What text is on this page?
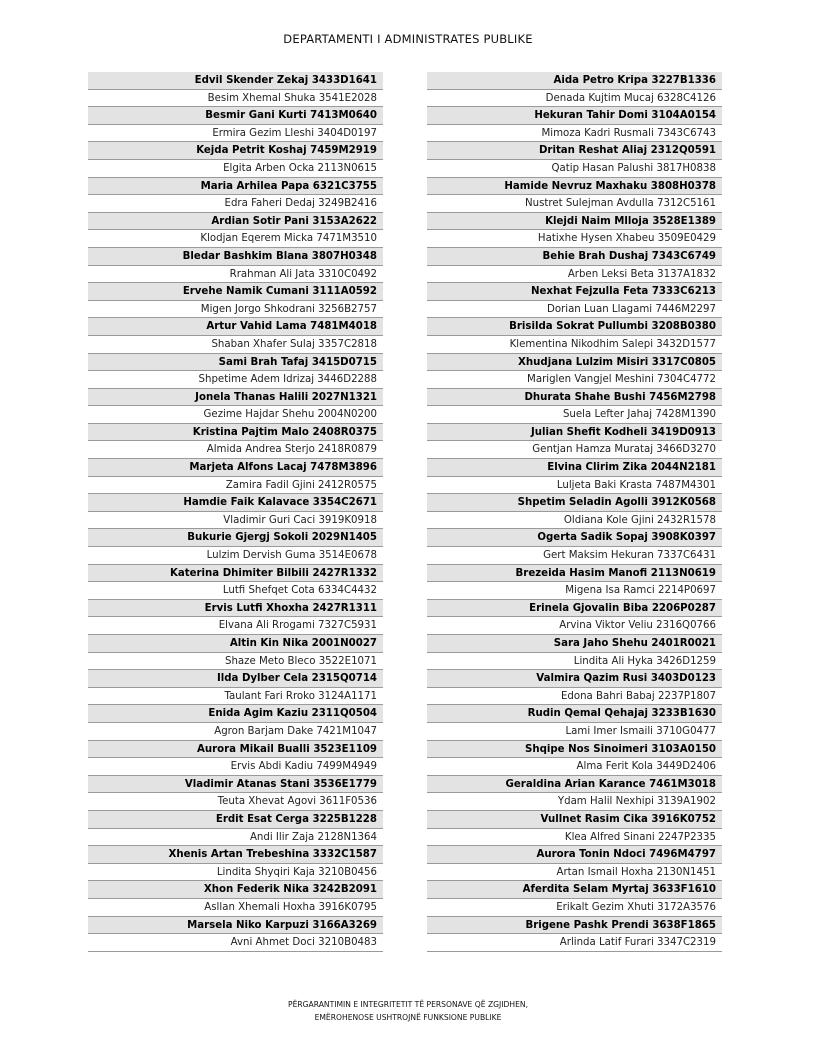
DEPARTAMENTI I ADMINISTRATES PUBLIKE
Edvil Skender Zekaj 3433D1641
Besim Xhemal Shuka 3541E2028
Besmir Gani Kurti 7413M0640
Ermira Gezim Lleshi 3404D0197
Kejda Petrit Koshaj 7459M2919
Elgita Arben Ocka 2113N0615
Maria Arhilea Papa 6321C3755
Edra Faheri Dedaj 3249B2416
Ardian Sotir Pani 3153A2622
Klodjan Eqerem Micka 7471M3510
Bledar Bashkim Blana 3807H0348
Rrahman Ali Jata 3310C0492
Ervehe Namik Cumani 3111A0592
Migen Jorgo Shkodrani 3256B2757
Artur Vahid Lama 7481M4018
Shaban Xhafer Sulaj 3357C2818
Sami Brah Tafaj 3415D0715
Shpetime Adem Idrizaj 3446D2288
Jonela Thanas Halili 2027N1321
Gezime Hajdar Shehu 2004N0200
Kristina Pajtim Malo 2408R0375
Almida Andrea Sterjo 2418R0879
Marjeta Alfons Lacaj 7478M3896
Zamira Fadil Gjini 2412R0575
Hamdie Faik Kalavace 3354C2671
Vladimir Guri Caci 3919K0918
Bukurie Gjergj Sokoli 2029N1405
Lulzim Dervish Guma 3514E0678
Katerina Dhimiter Bilbili 2427R1332
Lutfi Shefqet Cota 6334C4432
Ervis Lutfi Xhoxha 2427R1311
Elvana Ali Rrogami 7327C5931
Altin Kin Nika 2001N0027
Shaze Meto Bleco 3522E1071
Ilda Dylber Cela 2315Q0714
Taulant Fari Rroko 3124A1171
Enida Agim Kaziu 2311Q0504
Agron Barjam Dake 7421M1047
Aurora Mikail Bualli 3523E1109
Ervis Abdi Kadiu 7499M4949
Vladimir Atanas Stani 3536E1779
Teuta Xhevat Agovi 3611F0536
Erdit Esat Cerga 3225B1228
Andi Ilir Zaja 2128N1364
Xhenis Artan Trebeshina 3332C1587
Lindita Shyqiri Kaja 3210B0456
Xhon Federik Nika 3242B2091
Asllan Xhemali Hoxha 3916K0795
Marsela Niko Karpuzi 3166A3269
Avni Ahmet Doci 3210B0483
Aida Petro Kripa 3227B1336
Denada Kujtim Mucaj 6328C4126
Hekuran Tahir Domi 3104A0154
Mimoza Kadri Rusmali 7343C6743
Dritan Reshat Aliaj 2312Q0591
Qatip Hasan Palushi 3817H0838
Hamide Nevruz Maxhaku 3808H0378
Nustret Sulejman Avdulla 7312C5161
Klejdi Naim Mlloja 3528E1389
Hatixhe Hysen Xhabeu 3509E0429
Behie Brah Dushaj 7343C6749
Arben Leksi Beta 3137A1832
Nexhat Fejzulla Feta 7333C6213
Dorian Luan Llagami 7446M2297
Brisilda Sokrat Pullumbi 3208B0380
Klementina Nikodhim Salepi 3432D1577
Xhudjana Lulzim Misiri 3317C0805
Mariglen Vangjel Meshini 7304C4772
Dhurata Shahe Bushi 7456M2798
Suela Lefter Jahaj 7428M1390
Julian Shefit Kodheli 3419D0913
Gentjan Hamza Murataj 3466D3270
Elvina Clirim Zika 2044N2181
Luljeta Baki Krasta 7487M4301
Shpetim Seladin Agolli 3912K0568
Oldiana Kole Gjini 2432R1578
Ogerta Sadik Sopaj 3908K0397
Gert Maksim Hekuran 7337C6431
Brezeida Hasim Manofi 2113N0619
Migena Isa Ramci 2214P0697
Erinela Gjovalin Biba 2206P0287
Arvina Viktor Veliu 2316Q0766
Sara Jaho Shehu 2401R0021
Lindita Ali Hyka 3426D1259
Valmira Qazim Rusi 3403D0123
Edona Bahri Babaj 2237P1807
Rudin Qemal Qehajaj 3233B1630
Lami Imer Ismaili 3710G0477
Shqipe Nos Sinoimeri 3103A0150
Alma Ferit Kola 3449D2406
Geraldina Arian Karance 7461M3018
Ydam Halil Nexhipi 3139A1902
Vullnet Rasim Cika 3916K0752
Klea Alfred Sinani 2247P2335
Aurora Tonin Ndoci 7496M4797
Artan Ismail Hoxha 2130N1451
Aferdita Selam Myrtaj 3633F1610
Erikalt Gezim Xhuti 3172A3576
Brigene Pashk Prendi 3638F1865
Arlinda Latif Furari 3347C2319
PËRGARANTIMIN E INTEGRITETIT TË PERSONAVE QË ZGJIDHEN,
EMËROHENOSE USHTROJNË FUNKSIONE PUBLIKE
